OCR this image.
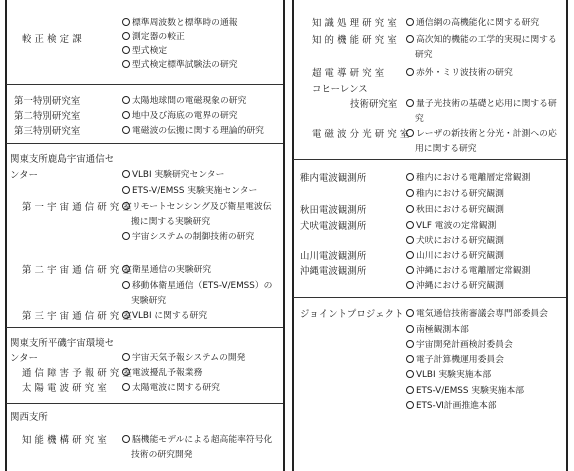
較 正 検 定 課
標準周波数と標準時の通報
測定器の較正
型式検定
型式検定標準試験法の研究
第一特別研究室
第二特別研究室
第三特別研究室
太陽地球間の電磁現象の研究
地中及び海底の電界の研究
電磁波の伝搬に関する理論的研究
関東支所鹿島宇宙通信セ
ンター
第 一 宇 宙 通 信 研 究 室
VLBI 実験研究センター
ETS-V/EMSS 実験実施センター
リモートセンシング及び衛星電波伝
宇宙システムの制御技術の研究
搬に関する実験研究
第 二 宇 宙 通 信 研 究 室 衛星通信の実験研究
移動体衛星通信（ETS-V/EMSS）の
実験研究
第 三 宇 宙 通 信 研 究 室 VLBI に関する研究
関東支所平磯宇宙環境セ
ンター
通 信 障 害 予 報 研 究 室
太 陽 電 波 研 究 室
宇宙天気予報システムの開発
電波擾乱予報業務
太陽電波に関する研究
関西支所
知 能 機 構 研 究 室	脳機能モデルによる超高能率符号化
技術の研究開発
知 識 処 理 研 究 室
知 的 機 能 研 究 室
通信網の高機能化に関する研究
高次知的機能の工学的実現に関する
研究
超 電 導 研 究 室
コヒーレンス
技術研究室
電 磁 波 分 光 研 究 室
赤外・ミリ波技術の研究
量子光技術の基礎と応用に関する研
レーザの新技術と分光・計測への応
究
用に関する研究
稚内電波観測所
秋田電波観測所
犬吠電波観測所
山川電波観測所
沖縄電波観測所
稚内における電離層定常観測
稚内における研究観測
秋田における研究観測
VLF 電波の定常観測
犬吠における研究観測
山川における研究観測
沖縄における電離層定常観測
沖縄における研究観測
ジョイントプロジェクト	電気通信技術審議会専門部委員会
南極観測本部
宇宙開発計画検討委員会
電子計算機運用委員会
VLBI 実験実施本部
ETS-V/EMSS 実験実施本部
ETS-Ⅵ計画推進本部
